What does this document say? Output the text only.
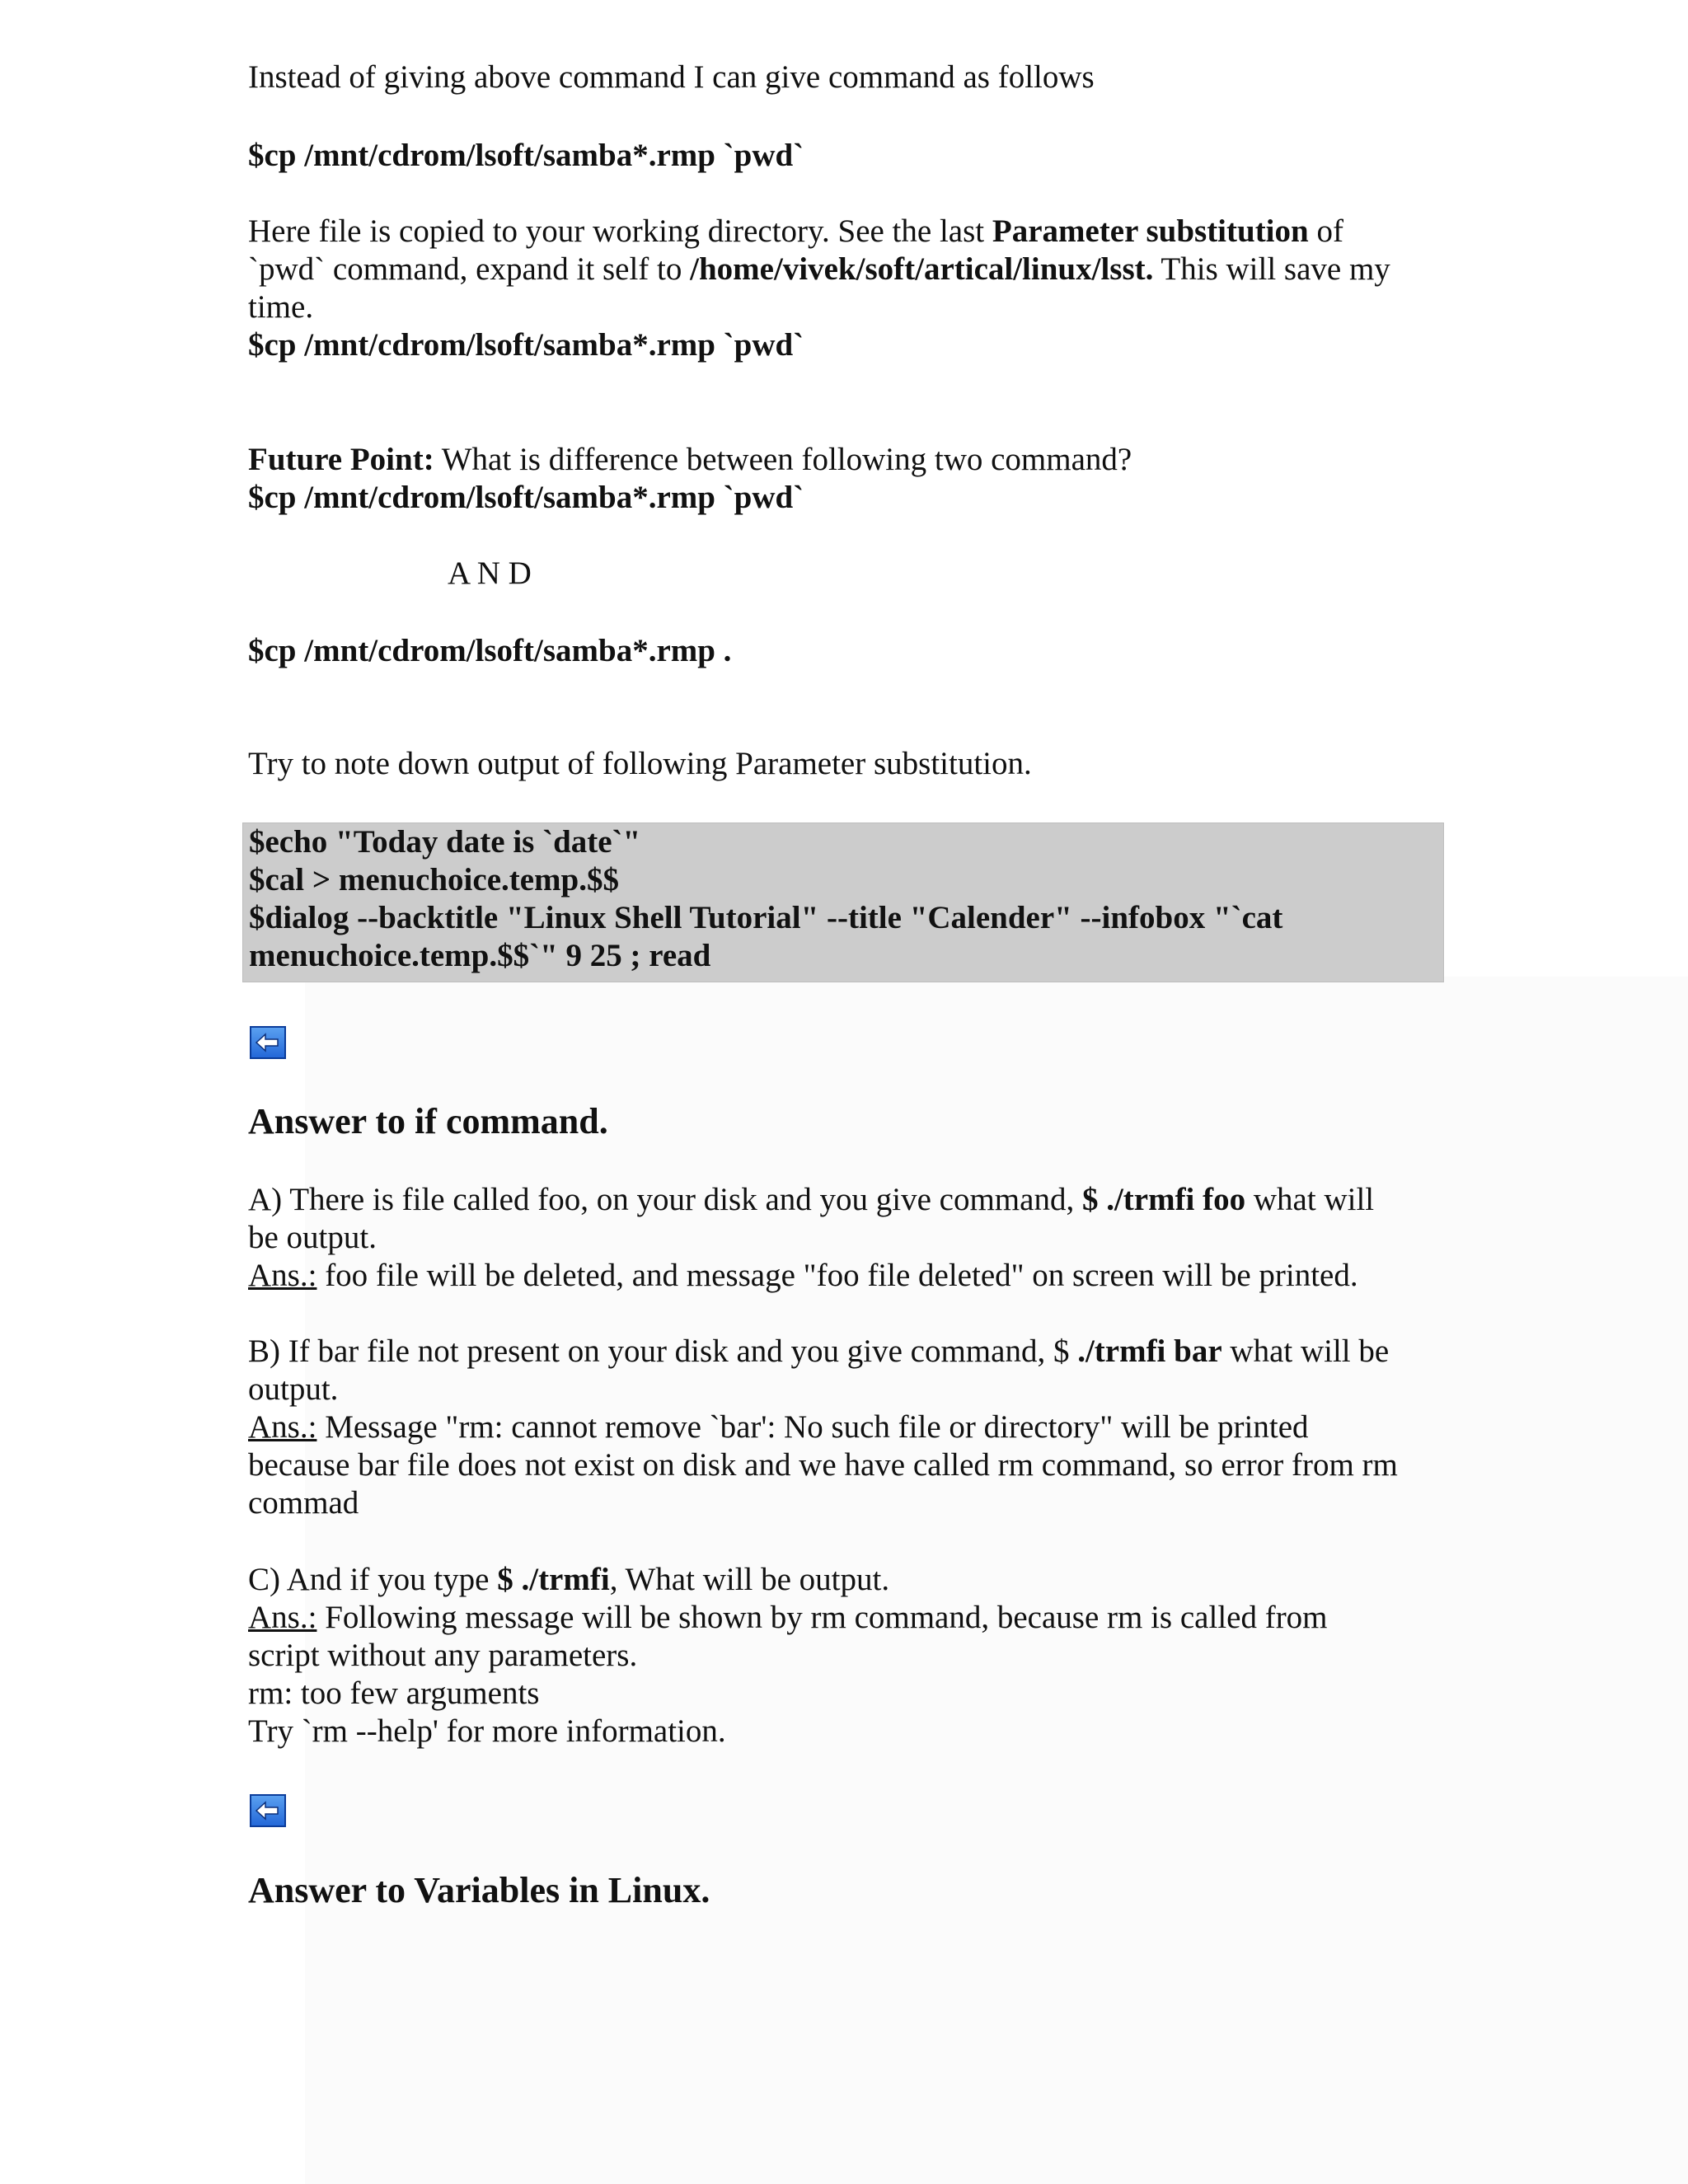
Instead of giving above command I can give command as follows
$cp /mnt/cdrom/lsoft/samba*.rmp `pwd`
Here file is copied to your working directory. See the last Parameter substitution of
`pwd` command, expand it self to /home/vivek/soft/artical/linux/lsst. This will save my
time.
$cp /mnt/cdrom/lsoft/samba*.rmp `pwd`
Future Point: What is difference between following two command?
$cp /mnt/cdrom/lsoft/samba*.rmp `pwd`
A N D
$cp /mnt/cdrom/lsoft/samba*.rmp .
Try to note down output of following Parameter substitution.
$echo "Today date is `date`"
$cal > menuchoice.temp.$$
$dialog --backtitle "Linux Shell Tutorial" --title "Calender" --infobox "`cat
menuchoice.temp.$$`" 9 25 ; read
Answer to if command.
A) There is file called foo, on your disk and you give command, $ ./trmfi foo what will
be output.
Ans.: foo file will be deleted, and message "foo file deleted" on screen will be printed.
B) If bar file not present on your disk and you give command, $ ./trmfi bar what will be
output.
Ans.: Message "rm: cannot remove `bar': No such file or directory" will be printed
because bar file does not exist on disk and we have called rm command, so error from rm
commad
C) And if you type $ ./trmfi, What will be output.
Ans.: Following message will be shown by rm command, because rm is called from
script without any parameters.
rm: too few arguments
Try `rm --help' for more information.
Answer to Variables in Linux.
